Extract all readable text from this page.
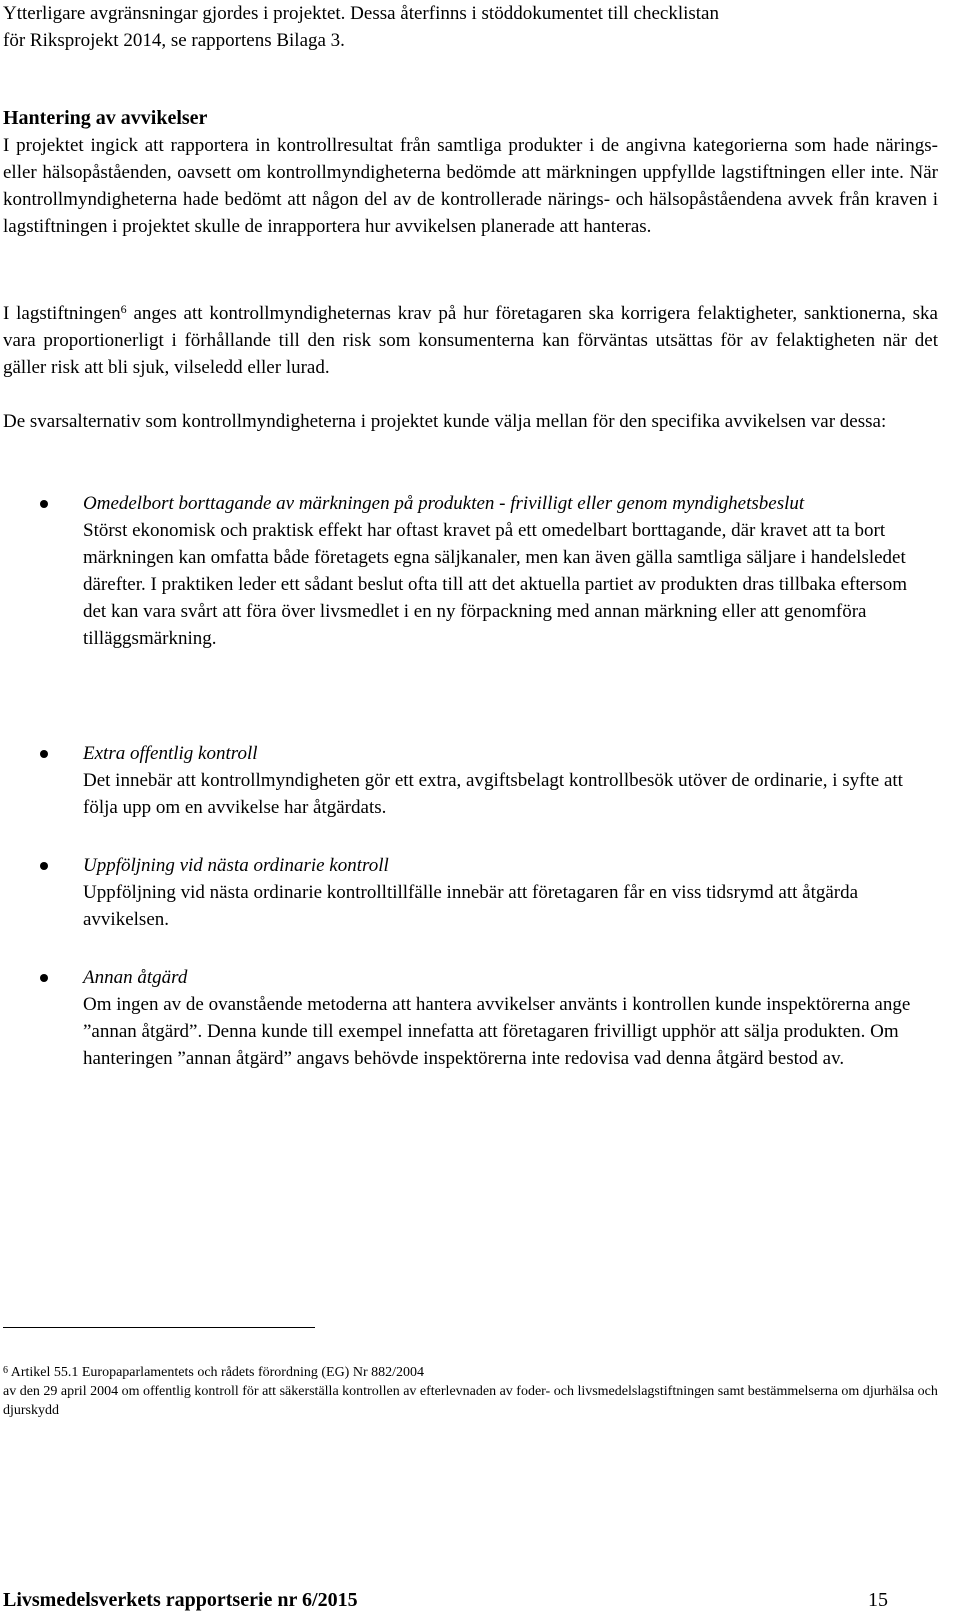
Ytterligare avgränsningar gjordes i projektet. Dessa återfinns i stöddokumentet till checklistan
för Riksprojekt 2014, se rapportens Bilaga 3.
Hantering av avvikelser

I projektet ingick att rapportera in kontrollresultat från samtliga produkter i de angivna kategorierna som hade närings- eller hälsopåståenden, oavsett om kontrollmyndigheterna bedömde att märkningen uppfyllde lagstiftningen eller inte. När kontrollmyndigheterna hade bedömt att någon del av de kontrollerade närings- och hälsopåståendena avvek från kraven i lagstiftningen i projektet skulle de inrapportera hur avvikelsen planerade att hanteras.

I lagstiftningen$^6$ anges att kontrollmyndigheternas krav på hur företagaren ska korrigera felaktigheter, sanktionerna, ska vara proportionerligt i förhållande till den risk som konsumenterna kan förväntas utsättas för av felaktigheten när det gäller risk att bli sjuk, vilseledd eller lurad.

De svarsalternativ som kontrollmyndigheterna i projektet kunde välja mellan för den specifika avvikelsen var dessa:

Omedelbort borttagande av märkningen på produkten - frivilligt eller genom myndighetsbeslut
Störst ekonomisk och praktisk effekt har oftast kravet på ett omedelbart borttagande, där kravet att ta bort märkningen kan omfatta både företagets egna säljkanaler, men kan även gälla samtliga säljare i handelsledet därefter. I praktiken leder ett sådant beslut ofta till att det aktuella partiet av produkten dras tillbaka eftersom det kan vara svårt att föra över livsmedlet i en ny förpackning med annan märkning eller att genomföra tilläggsmärkning.
Extra offentlig kontroll
Det innebär att kontrollmyndigheten gör ett extra, avgiftsbelagt kontrollbesök utöver de ordinarie, i syfte att följa upp om en avvikelse har åtgärdats.
Uppföljning vid nästa ordinarie kontroll
Uppföljning vid nästa ordinarie kontrolltillfälle innebär att företagaren får en viss tidsrymd att åtgärda avvikelsen.
Annan åtgärd
Om ingen av de ovanstående metoderna att hantera avvikelser använts i kontrollen kunde inspektörerna ange ”annan åtgärd”. Denna kunde till exempel innefatta att företagaren frivilligt upphör att sälja produkten. Om hanteringen ”annan åtgärd” angavs behövde inspektörerna inte redovisa vad denna åtgärd bestod av.
$^6$ Artikel 55.1 Europaparlamentets och rådets förordning (EG) Nr 882/2004
av den 29 april 2004 om offentlig kontroll för att säkerställa kontrollen av efterlevnaden av foder- och livsmedelslagstiftningen samt bestämmelserna om djurhälsa och djurskydd
Livsmedelsverkets rapportserie nr 6/2015	15
